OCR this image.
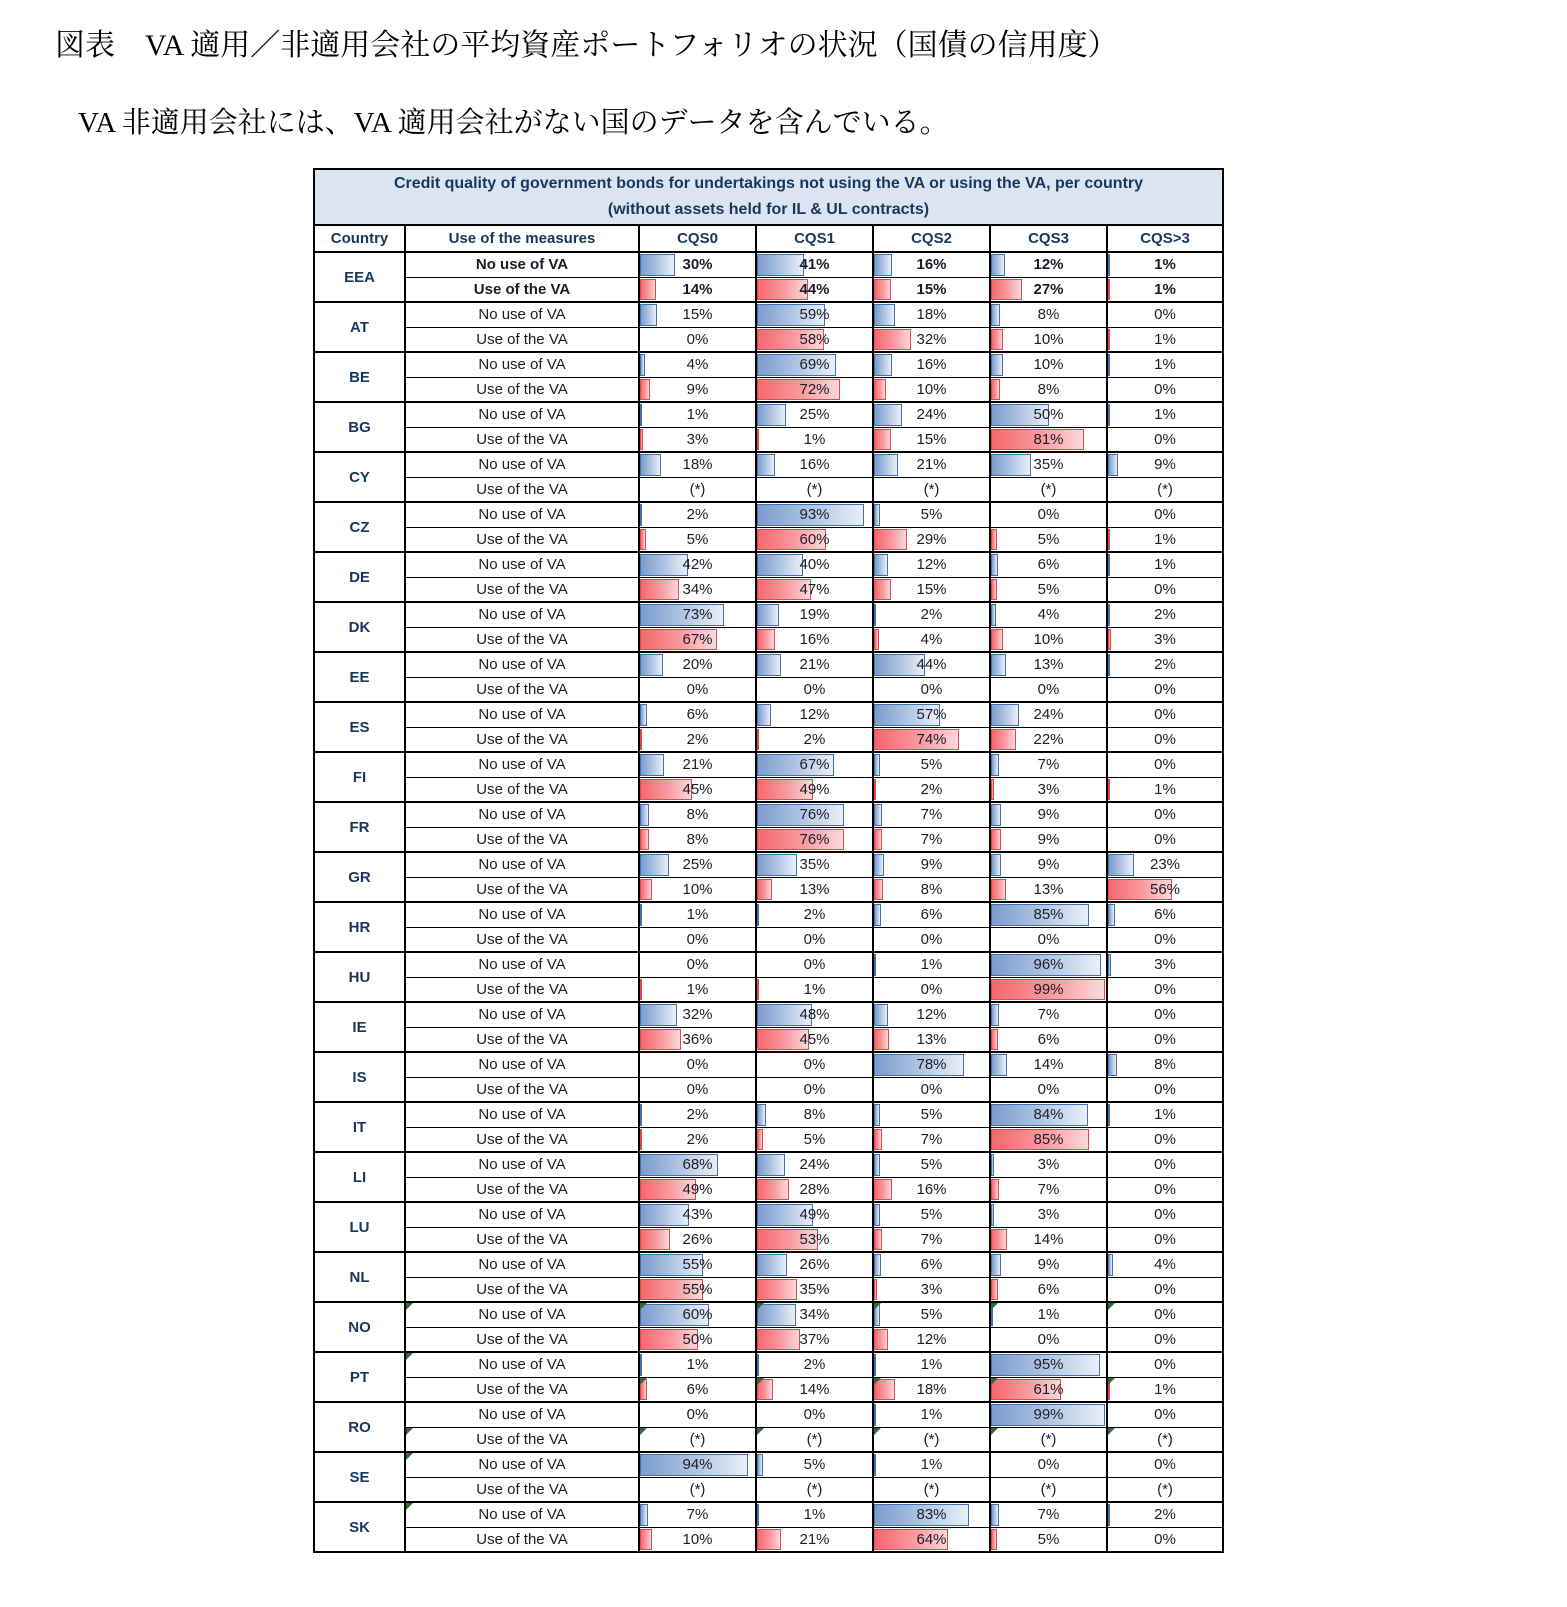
図表　VA 適用／非適用会社の平均資産ポートフォリオの状況（国債の信用度）
VA 非適用会社には、VA 適用会社がない国のデータを含んでいる。
Credit quality of government bonds for undertakings not using the VA or using the VA, per country
(without assets held for IL & UL contracts)						

Country	Use of the measures	CQS0	CQS1	CQS2	CQS3	CQS>3
EEA	No use of VA	30%	41%	16%	12%	1%
	Use of the VA	14%	44%	15%	27%	1%
AT	No use of VA	15%	59%	18%	8%	0%
	Use of the VA	0%	58%	32%	10%	1%
BE	No use of VA	4%	69%	16%	10%	1%
	Use of the VA	9%	72%	10%	8%	0%
BG	No use of VA	1%	25%	24%	50%	1%
	Use of the VA	3%	1%	15%	81%	0%
CY	No use of VA	18%	16%	21%	35%	9%
	Use of the VA	(*)	(*)	(*)	(*)	(*)
CZ	No use of VA	2%	93%	5%	0%	0%
	Use of the VA	5%	60%	29%	5%	1%
DE	No use of VA	42%	40%	12%	6%	1%
	Use of the VA	34%	47%	15%	5%	0%
DK	No use of VA	73%	19%	2%	4%	2%
	Use of the VA	67%	16%	4%	10%	3%
EE	No use of VA	20%	21%	44%	13%	2%
	Use of the VA	0%	0%	0%	0%	0%
ES	No use of VA	6%	12%	57%	24%	0%
	Use of the VA	2%	2%	74%	22%	0%
FI	No use of VA	21%	67%	5%	7%	0%
	Use of the VA	45%	49%	2%	3%	1%
FR	No use of VA	8%	76%	7%	9%	0%
	Use of the VA	8%	76%	7%	9%	0%
GR	No use of VA	25%	35%	9%	9%	23%
	Use of the VA	10%	13%	8%	13%	56%
HR	No use of VA	1%	2%	6%	85%	6%
	Use of the VA	0%	0%	0%	0%	0%
HU	No use of VA	0%	0%	1%	96%	3%
	Use of the VA	1%	1%	0%	99%	0%
IE	No use of VA	32%	48%	12%	7%	0%
	Use of the VA	36%	45%	13%	6%	0%
IS	No use of VA	0%	0%	78%	14%	8%
	Use of the VA	0%	0%	0%	0%	0%
IT	No use of VA	2%	8%	5%	84%	1%
	Use of the VA	2%	5%	7%	85%	0%
LI	No use of VA	68%	24%	5%	3%	0%
	Use of the VA	49%	28%	16%	7%	0%
LU	No use of VA	43%	49%	5%	3%	0%
	Use of the VA	26%	53%	7%	14%	0%
NL	No use of VA	55%	26%	6%	9%	4%
	Use of the VA	55%	35%	3%	6%	0%
NO	No use of VA	60%	34%	5%	1%	0%

	Use of the VA	50%	37%	12%	0%	0%
PT	No use of VA	1%	2%	1%	95%	0%
	Use of the VA	6%	14%	18%	61%	1%

RO	No use of VA	0%	0%	1%	99%	0%
	Use of the VA	(*)	(*)	(*)	(*)	(*)

SE	No use of VA	94%	5%	1%	0%	0%
	Use of the VA	(*)	(*)	(*)	(*)	(*)
SK	No use of VA	7%	1%	83%	7%	2%
	Use of the VA	10%	21%	64%	5%	0%
